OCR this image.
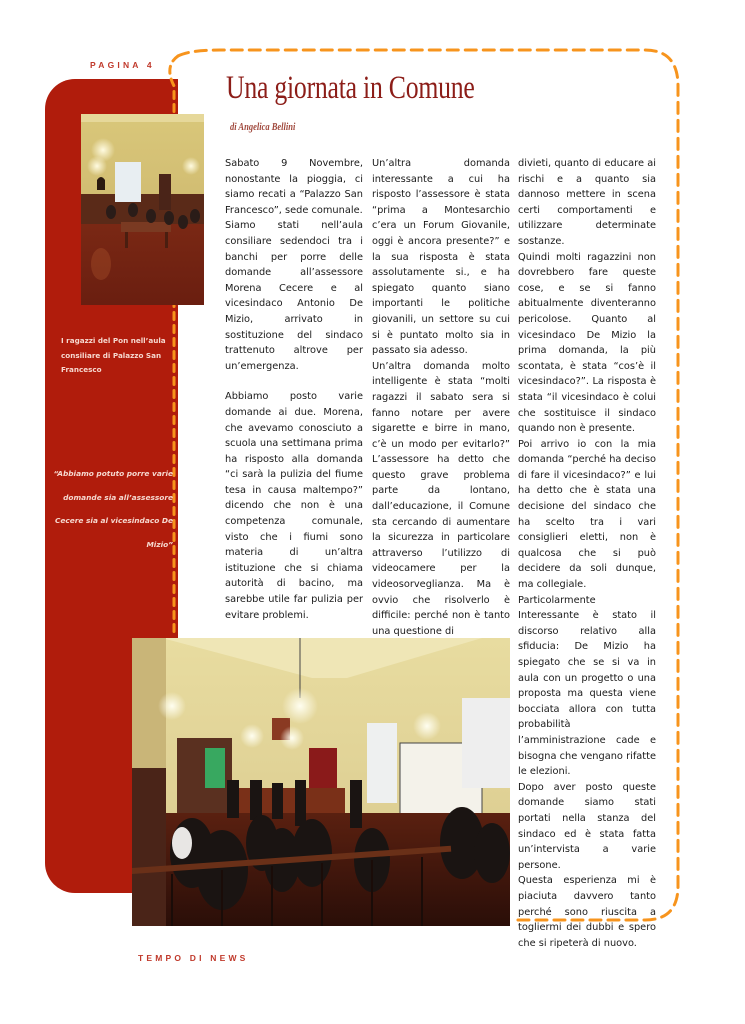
PAGINA 4
I ragazzi del Pon nell’aula consiliare di Palazzo San Francesco
“Abbiamo potuto porre varie domande sia all’assessore Cecere sia al vicesindaco De Mizio”
Una giornata in Comune
di Angelica Bellini

Sabato 9 Novembre, nonostante la pioggia, ci siamo recati a “Palazzo San Francesco”, sede comunale.

Siamo stati nell’aula consiliare sedendoci tra i banchi per porre delle domande all’assessore Morena Cecere e al vicesindaco Antonio De Mizio, arrivato in sostituzione del sindaco trattenuto altrove per un’emergenza.

Abbiamo posto varie domande ai due. Morena, che avevamo conosciuto a scuola una settimana prima ha risposto alla domanda “ci sarà la pulizia del fiume tesa in causa maltempo?” dicendo che non è una competenza comunale, visto che i fiumi sono materia di un’altra istituzione che si chiama autorità di bacino, ma sarebbe utile far pulizia per evitare problemi.

Un’altra domanda interessante a cui ha risposto l’assessore è stata “prima a Montesarchio c’era un Forum Giovanile, oggi è ancora presente?” e la sua risposta è stata assolutamente si., e ha spiegato quanto siano importanti le politiche giovanili, un settore su cui si è puntato molto sia in passato sia adesso.

Un’altra domanda molto intelligente è stata “molti ragazzi il sabato sera si fanno notare per avere sigarette e birre in mano, c’è un modo per evitarlo?” L’assessore ha detto che questo grave problema parte da lontano, dall’educazione, il Comune sta cercando di aumentare la sicurezza in particolare attraverso l’utilizzo di videocamere per la videosorveglianza. Ma è ovvio che risolverlo è difficile: perché non è tanto una questione di

divieti, quanto di educare ai rischi e a quanto sia dannoso mettere in scena certi comportamenti e utilizzare determinate sostanze.

Quindi molti ragazzini non dovrebbero fare queste cose, e se si fanno abitualmente diventeranno pericolose. Quanto al vicesindaco De Mizio la prima domanda, la più scontata, è stata “cos’è il vicesindaco?”. La risposta è stata “il vicesindaco è colui che sostituisce il sindaco quando non è presente.

Poi arrivo io con la mia domanda “perché ha deciso di fare il vicesindaco?” e lui ha detto che è stata una decisione del sindaco che ha scelto tra i vari consiglieri eletti, non è qualcosa che si può decidere da soli dunque, ma collegiale.

Particolarmente Interessante è stato il discorso relativo alla sfiducia: De Mizio ha spiegato che se si va in aula con un progetto o una proposta ma questa viene bocciata allora con tutta probabilità l’amministrazione cade e bisogna che vengano rifatte le elezioni.

Dopo aver posto queste domande siamo stati portati nella stanza del sindaco ed è stata fatta un’intervista a varie persone.

Questa esperienza mi è piaciuta davvero tanto perché sono riuscita a togliermi dei dubbi e spero che si ripeterà di nuovo.

TEMPO DI NEWS
